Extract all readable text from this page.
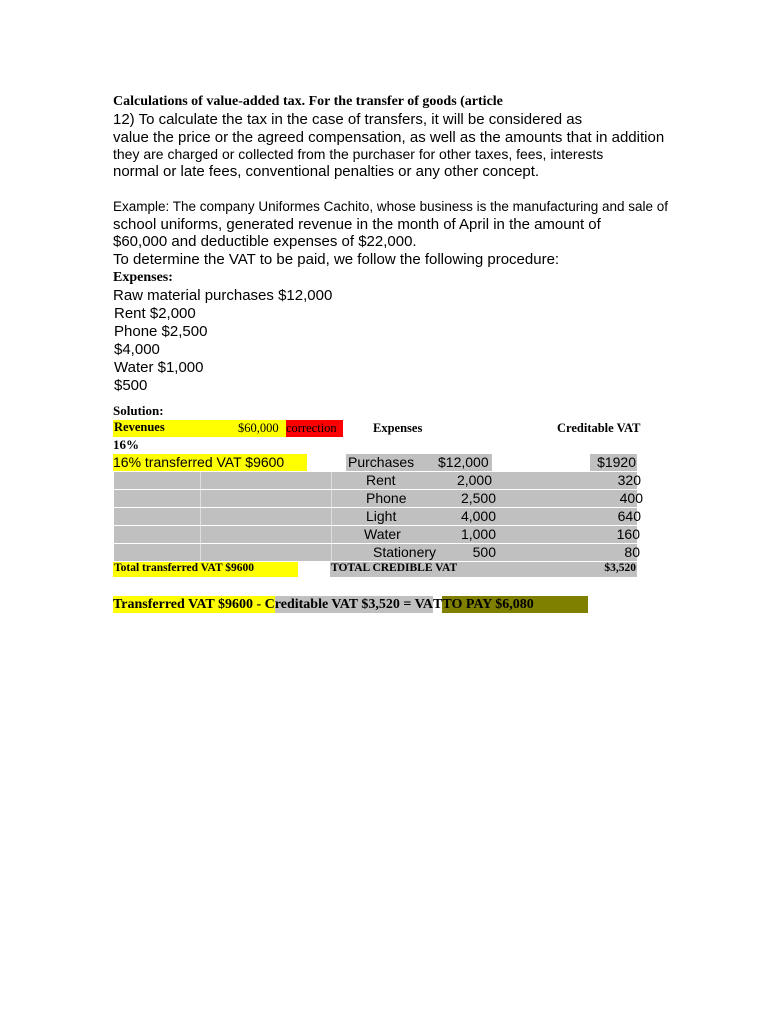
Calculations of value-added tax. For the transfer of goods (article
12) To calculate the tax in the case of transfers, it will be considered as
value the price or the agreed compensation, as well as the amounts that in addition
they are charged or collected from the purchaser for other taxes, fees, interests
normal or late fees, conventional penalties or any other concept.
Example: The company Uniformes Cachito, whose business is the manufacturing and sale of
school uniforms, generated revenue in the month of April in the amount of
$60,000 and deductible expenses of $22,000.
To determine the VAT to be paid, we follow the following procedure:
Expenses:
Raw material purchases $12,000
Rent $2,000
Phone $2,500
$4,000
Water $1,000
$500
Solution:
Revenues	$60,000 correction	Expenses	Creditable VAT
16%
16% transferred VAT $9600	Purchases $12,000	$1920
Rent	2,000	320
Phone	2,500	400
Light	4,000	640
Water	1,000	160
Stationery	500	80
Total transferred VAT $9600	TOTAL CREDIBLE VAT	$3,520
Transferred VAT $9600 - C reditable VAT $3,520 = VA T TO PAY $6,080
